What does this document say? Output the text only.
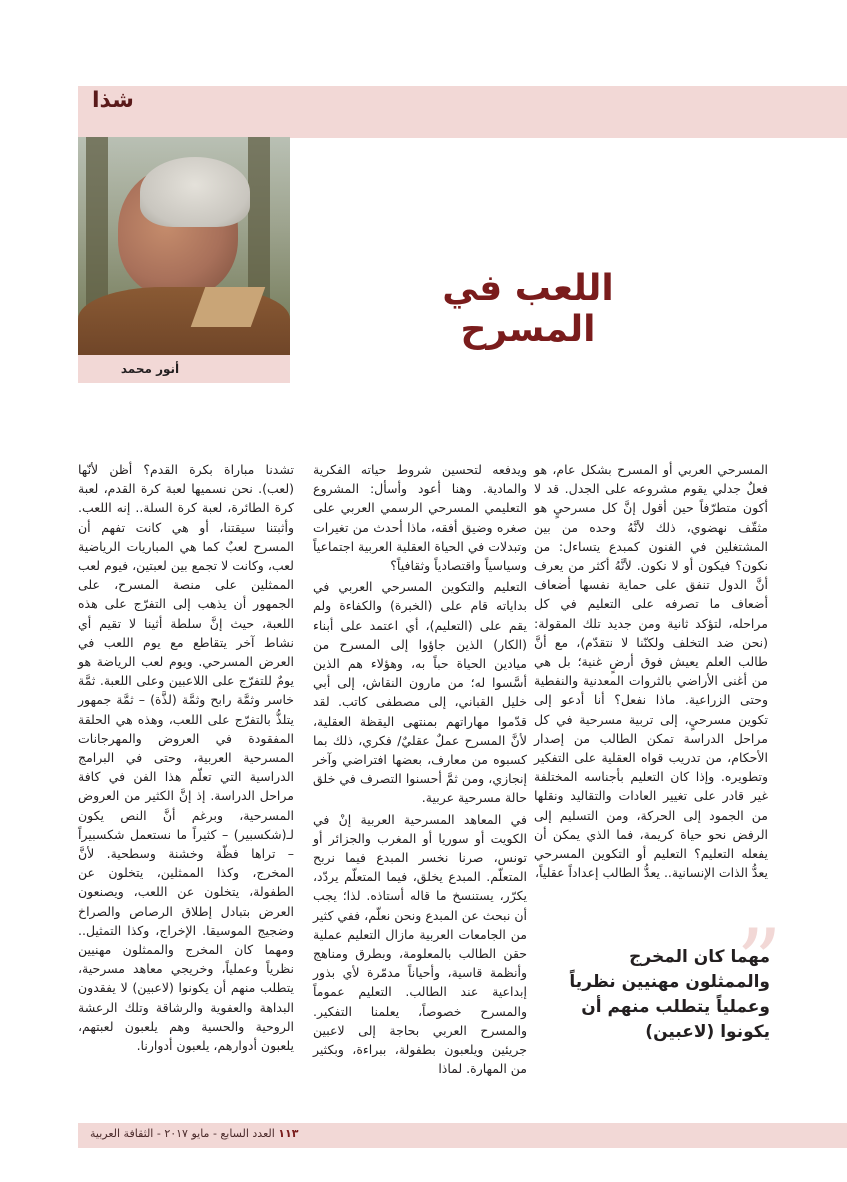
شذا
أنور محمد
اللعب في المسرح

المسرحي العربي أو المسرح بشكل عام، هو فعلٌ جدلي يقوم مشروعه على الجدل. قد لا أكون متطرّفاً حين أقول إنَّ كل مسرحيٍ هو مثقّف نهضوي، ذلك لأنَّهُ وحده من بين المشتغلين في الفنون كمبدع يتساءل: من نكون؟ فيكون أو لا نكون. لأنَّهُ أكثر من يعرف أنَّ الدول تنفق على حماية نفسها أضعاف أضعاف ما تصرفه على التعليم في كل مراحله، لتؤكد ثانية ومن جديد تلك المقولة: (نحن ضد التخلف ولكنّنا لا نتقدّم)، مع أنَّ طالب العلم يعيش فوق أرضٍ غنية؛ بل هي من أغنى الأراضي بالثروات المعدنية والنفطية وحتى الزراعية. ماذا نفعل؟ أنا أدعو إلى تكوين مسرحيٍ، إلى تربية مسرحية في كل مراحل الدراسة تمكن الطالب من إصدار الأحكام، من تدريب قواه العقلية على التفكير وتطويره. وإذا كان التعليم بأجناسه المختلفة غير قادر على تغيير العادات والتقاليد ونقلها من الجمود إلى الحركة، ومن التسليم إلى الرفض نحو حياة كريمة، فما الذي يمكن أن يفعله التعليم؟ التعليم أو التكوين المسرحي يعدُّ الذات الإنسانية.. يعدُّ الطالب إعداداً عقلياً،

ويدفعه لتحسين شروط حياته الفكرية والمادية. وهنا أعود وأسأل: المشروع التعليمي المسرحي الرسمي العربي على صغره وضيق أفقه، ماذا أحدث من تغيرات وتبدلات في الحياة العقلية العربية اجتماعياً وسياسياً واقتصادياً وثقافياً؟

التعليم والتكوين المسرحي العربي في بداياته قام على (الخبرة) والكفاءة ولم يقم على (التعليم)، أي اعتمد على أبناء (الكار) الذين جاؤوا إلى المسرح من ميادين الحياة حباً به، وهؤلاء هم الذين أسَّسوا له؛ من مارون النقاش، إلى أبي خليل القباني، إلى مصطفى كاتب. لقد قدّموا مهاراتهم بمنتهى اليقظة العقلية، لأنَّ المسرح عملٌ عقليٌ/ فكري، ذلك بما كسبوه من معارف، بعضها افتراضي وآخر إنجازي، ومن ثمَّ أحسنوا التصرف في خلق حالة مسرحية عربية.

في المعاهد المسرحية العربية إنْ في الكويت أو سوريا أو المغرب والجزائر أو تونس، صرنا نخسر المبدع فيما نربح المتعلّم. المبدع يخلق، فيما المتعلّم يردّد، يكرّر، يستنسخ ما قاله أستاذه. لذا؛ يجب أن نبحث عن المبدع ونحن نعلّم، ففي كثير من الجامعات العربية مازال التعليم عملية حقن الطالب بالمعلومة، وبطرق ومناهج وأنظمة قاسية، وأحياناً مدمّرة لأي بذور إبداعية عند الطالب. التعليم عموماً والمسرح خصوصاً، يعلمنا التفكير. والمسرح العربي بحاجة إلى لاعبين جريئين ويلعبون بطفولة، ببراءة، وبكثير من المهارة. لماذا

تشدنا مباراة بكرة القدم؟ أظن لأنّها (لعب). نحن نسميها لعبة كرة القدم، لعبة كرة الطائرة، لعبة كرة السلة.. إنه اللعب. وأثبتنا سيقتنا، أو هي كانت تفهم أن المسرح لعبٌ كما هي المباريات الرياضية لعب، وكانت لا تجمع بين لعبتين، فيوم لعب الممثلين على منصة المسرح، على الجمهور أن يذهب إلى التفرّج على هذه اللعبة، حيث إنَّ سلطة أثينا لا تقيم أي نشاط آخر يتقاطع مع يوم اللعب في العرض المسرحي. ويوم لعب الرياضة هو يومٌ للتفرّج على اللاعبين وعلى اللعبة. ثمَّة خاسر وثمَّة رابح وثمَّة (لذَّة) – ثمَّة جمهور يتلذُّ بالتفرّج على اللعب، وهذه هي الحلقة المفقودة في العروض والمهرجانات المسرحية العربية، وحتى في البرامج الدراسية التي تعلّم هذا الفن في كافة مراحل الدراسة. إذ إنَّ الكثير من العروض المسرحية، وبرغم أنَّ النص يكون لـ(شكسبير) – كثيراً ما نستعمل شكسبيراً – تراها فظّة وخشنة وسطحية. لأنَّ المخرج، وكذا الممثلين، يتخلون عن الطفولة، يتخلون عن اللعب، ويصنعون العرض بتبادل إطلاق الرصاص والصراخ وضجيج الموسيقا. الإخراج، وكذا التمثيل.. ومهما كان المخرج والممثلون مهنيين نظرياً وعملياً، وخريجي معاهد مسرحية، يتطلب منهم أن يكونوا (لاعبين) لا يفقدون البداهة والعفوية والرشاقة وتلك الرعشة الروحية والحسية وهم يلعبون لعبتهم، يلعبون أدوارهم، يلعبون أدوارنا.

”
مهما كان المخرج والممثلون مهنيين نظرياً وعملياً يتطلب منهم أن يكونوا (لاعبين)
١١٣ العدد السابع - مايو ٢٠١٧ - الثقافة العربية
